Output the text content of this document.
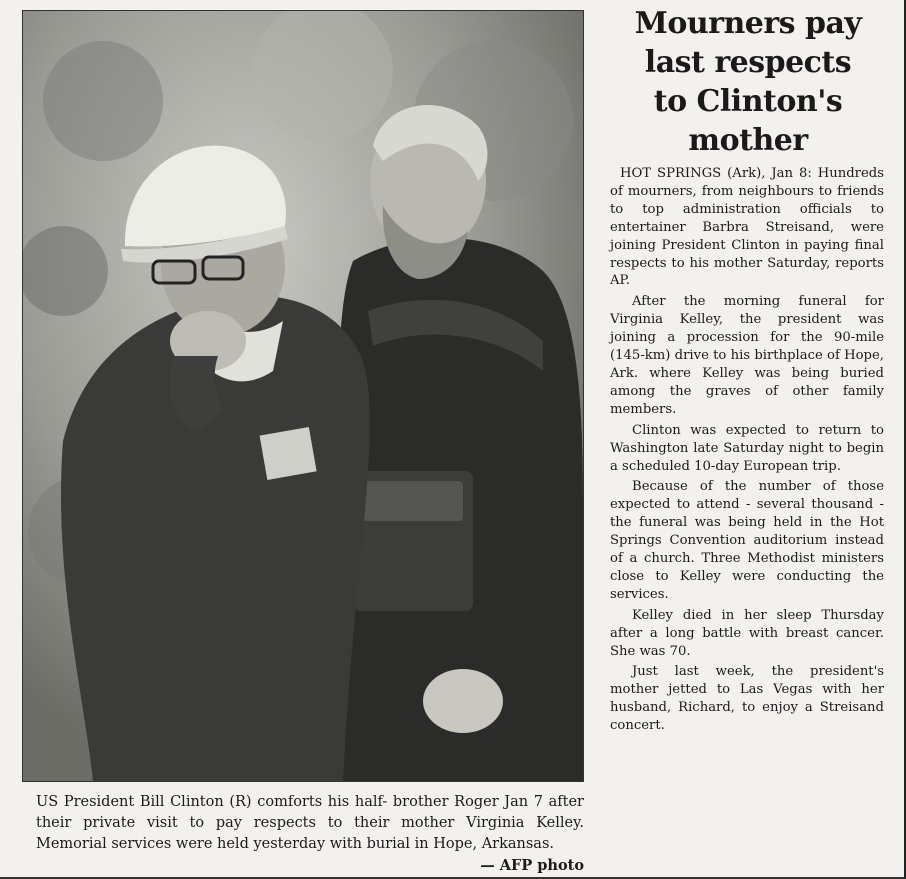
US President Bill Clinton (R) comforts his half- brother Roger Jan 7 after their private visit to pay respects to their mother Virginia Kelley. Memorial services were held yesterday with burial in Hope, Arkansas.
— AFP photo
Mourners pay
last respects
to Clinton's
mother

HOT SPRINGS (Ark), Jan 8: Hundreds of mourners, from neighbours to friends to top administration officials to entertainer Barbra Streisand, were joining President Clinton in paying final respects to his mother Saturday, reports AP.

After the morning funeral for Virginia Kelley, the president was joining a procession for the 90-mile (145-km) drive to his birthplace of Hope, Ark. where Kelley was being buried among the graves of other family members.

Clinton was expected to return to Washington late Saturday night to begin a scheduled 10-day European trip.

Because of the number of those expected to attend - several thousand - the funeral was being held in the Hot Springs Convention auditorium instead of a church. Three Methodist ministers close to Kelley were conducting the services.

Kelley died in her sleep Thursday after a long battle with breast cancer. She was 70.

Just last week, the president's mother jetted to Las Vegas with her husband, Richard, to enjoy a Streisand concert.
